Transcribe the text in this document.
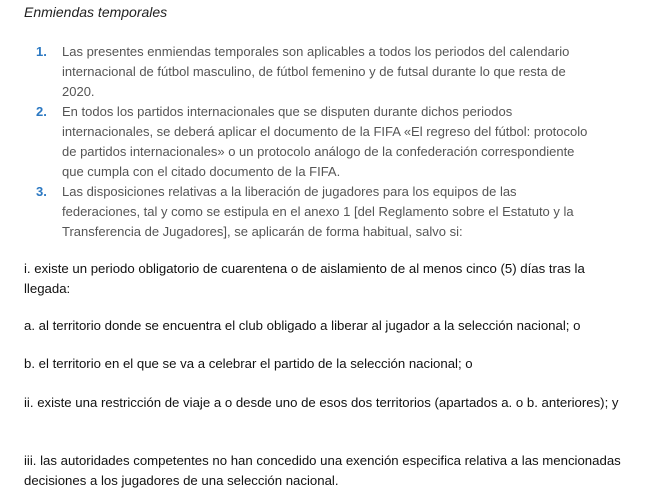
Enmiendas temporales
1.	Las presentes enmiendas temporales son aplicables a todos los periodos del calendario internacional de fútbol masculino, de fútbol femenino y de futsal durante lo que resta de 2020.
2.	En todos los partidos internacionales que se disputen durante dichos periodos internacionales, se deberá aplicar el documento de la FIFA «El regreso del fútbol: protocolo de partidos internacionales» o un protocolo análogo de la confederación correspondiente que cumpla con el citado documento de la FIFA.
3.	Las disposiciones relativas a la liberación de jugadores para los equipos de las federaciones, tal y como se estipula en el anexo 1 [del Reglamento sobre el Estatuto y la Transferencia de Jugadores], se aplicarán de forma habitual, salvo si:
i. existe un periodo obligatorio de cuarentena o de aislamiento de al menos cinco (5) días tras la llegada:
a. al territorio donde se encuentra el club obligado a liberar al jugador a la selección nacional; o
b. el territorio en el que se va a celebrar el partido de la selección nacional; o
ii. existe una restricción de viaje a o desde uno de esos dos territorios (apartados a. o b. anteriores); y
iii. las autoridades competentes no han concedido una exención especifica relativa a las mencionadas decisiones a los jugadores de una selección nacional.
